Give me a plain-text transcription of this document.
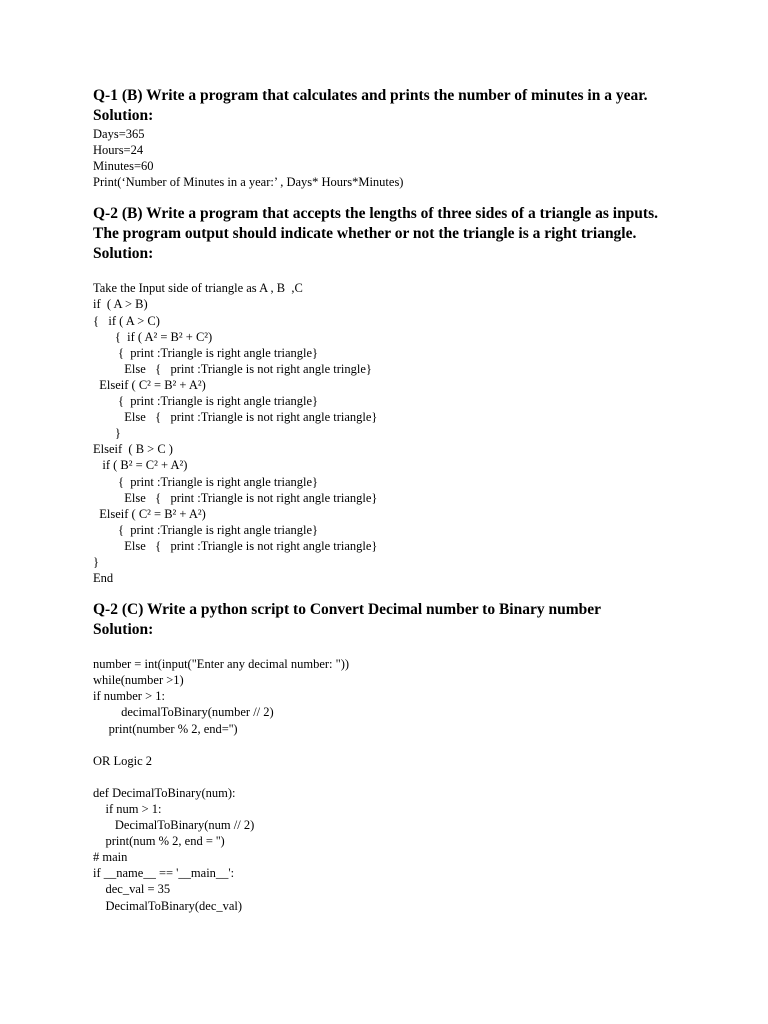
Q-1 (B) Write a program that calculates and prints the number of minutes in a year.

Solution:

Days=365

Hours=24

Minutes=60

Print(‘Number of Minutes in a year:’ , Days* Hours*Minutes)

Q-2 (B) Write a program that accepts the lengths of three sides of a triangle as inputs.

The program output should indicate whether or not the triangle is a right triangle.

Solution:

Take the Input side of triangle as A , B  ,C

if  ( A > B)

{   if ( A > C)

{  if ( A² = B² + C²)

{  print :Triangle is right angle triangle}

Else   {   print :Triangle is not right angle tringle}

Elseif ( C² = B² + A²)

{  print :Triangle is right angle triangle}

Else   {   print :Triangle is not right angle triangle}

}

Elseif  ( B > C )

if ( B² = C² + A²)

{  print :Triangle is right angle triangle}

Else   {   print :Triangle is not right angle triangle}

Elseif ( C² = B² + A²)

{  print :Triangle is right angle triangle}

Else   {   print :Triangle is not right angle triangle}

}

End

Q-2 (C) Write a python script to Convert Decimal number to Binary number

Solution:

number = int(input("Enter any decimal number: "))

while(number >1)

if number > 1:

decimalToBinary(number // 2)

print(number % 2, end='')

OR Logic 2

def DecimalToBinary(num):

if num > 1:

DecimalToBinary(num // 2)

print(num % 2, end = '')

# main

if __name__ == '__main__':

dec_val = 35

DecimalToBinary(dec_val)
